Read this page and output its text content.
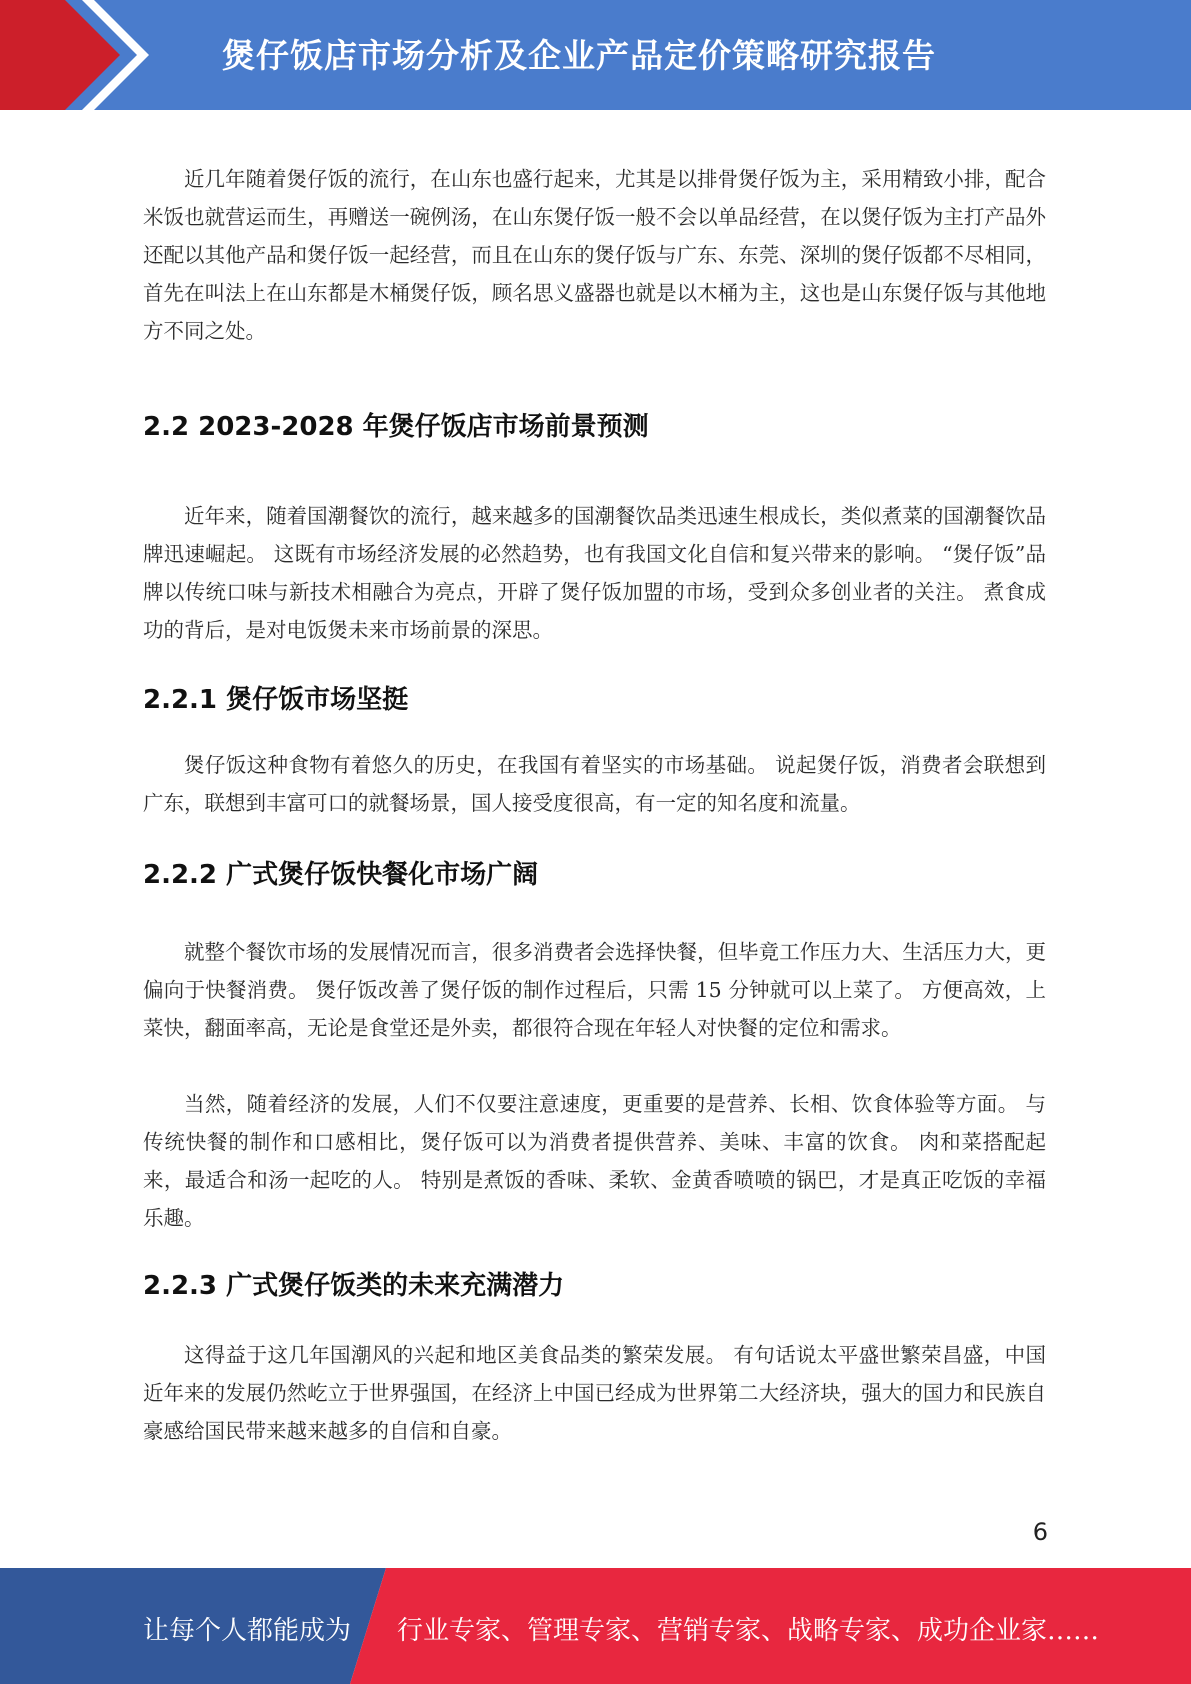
煲仔饭店市场分析及企业产品定价策略研究报告

近几年随着煲仔饭的流行，在山东也盛行起来，尤其是以排骨煲仔饭为主，采用精致小排，配合米饭也就营运而生，再赠送一碗例汤，在山东煲仔饭一般不会以单品经营，在以煲仔饭为主打产品外还配以其他产品和煲仔饭一起经营，而且在山东的煲仔饭与广东、东莞、深圳的煲仔饭都不尽相同，首先在叫法上在山东都是木桶煲仔饭，顾名思义盛器也就是以木桶为主，这也是山东煲仔饭与其他地方不同之处。

2.2 2023-2028 年煲仔饭店市场前景预测

近年来，随着国潮餐饮的流行，越来越多的国潮餐饮品类迅速生根成长，类似煮菜的国潮餐饮品牌迅速崛起。 这既有市场经济发展的必然趋势，也有我国文化自信和复兴带来的影响。 “煲仔饭”品牌以传统口味与新技术相融合为亮点，开辟了煲仔饭加盟的市场，受到众多创业者的关注。 煮食成功的背后，是对电饭煲未来市场前景的深思。

2.2.1 煲仔饭市场坚挺

煲仔饭这种食物有着悠久的历史，在我国有着坚实的市场基础。 说起煲仔饭，消费者会联想到广东，联想到丰富可口的就餐场景，国人接受度很高，有一定的知名度和流量。

2.2.2 广式煲仔饭快餐化市场广阔

就整个餐饮市场的发展情况而言，很多消费者会选择快餐，但毕竟工作压力大、生活压力大，更偏向于快餐消费。 煲仔饭改善了煲仔饭的制作过程后，只需 15 分钟就可以上菜了。 方便高效，上菜快，翻面率高，无论是食堂还是外卖，都很符合现在年轻人对快餐的定位和需求。

当然，随着经济的发展，人们不仅要注意速度，更重要的是营养、长相、饮食体验等方面。 与传统快餐的制作和口感相比，煲仔饭可以为消费者提供营养、美味、丰富的饮食。 肉和菜搭配起来，最适合和汤一起吃的人。 特别是煮饭的香味、柔软、金黄香喷喷的锅巴，才是真正吃饭的幸福乐趣。

2.2.3 广式煲仔饭类的未来充满潜力

这得益于这几年国潮风的兴起和地区美食品类的繁荣发展。 有句话说太平盛世繁荣昌盛，中国近年来的发展仍然屹立于世界强国，在经济上中国已经成为世界第二大经济块，强大的国力和民族自豪感给国民带来越来越多的自信和自豪。

6
让每个人都能成为 行业专家、管理专家、营销专家、战略专家、成功企业家……
